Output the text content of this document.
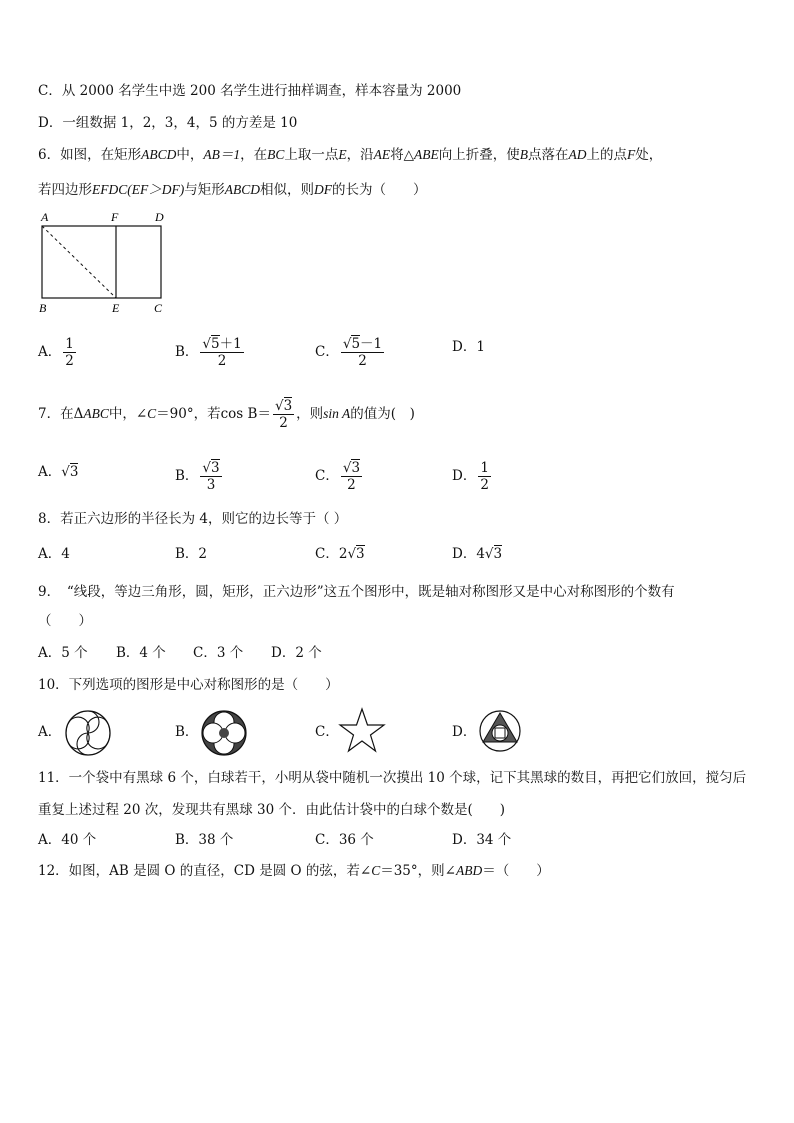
C．从 2000 名学生中选 200 名学生进行抽样调查，样本容量为 2000
D．一组数据 1，2，3，4，5 的方差是 10
6．如图，在矩形ABCD中，AB＝1，在BC上取一点E，沿AE将△ABE向上折叠，使B点落在AD上的点F处，
若四边形EFDC(EF＞DF)与矩形ABCD相似，则DF的长为（　　）
A	F	D
B	E	C
A． $\frac{1}{2}$	B． $\frac{√5+1}{2}$	C． $\frac{√5-1}{2}$	D．1
7．在ΔABC中，∠C＝90°，若$\cos B= \frac{√3}{2}$ ，则sin A的值为(　)
A．√3	B． $\frac{√3}{3}$	C． $\frac{√3}{2}$	D． $\frac{1}{2}$
8．若正六边形的半径长为 4，则它的边长等于（ ）
A．4	B．2	C．2√3	D．4√3
9．　“线段，等边三角形，圆，矩形，正六边形”这五个图形中，既是轴对称图形又是中心对称图形的个数有
（　　）
A．5 个 B．4 个 C．3 个 D．2 个
10．下列选项的图形是中心对称图形的是（　　）
A．	B．	C．	D．
11．一个袋中有黑球 6 个，白球若干，小明从袋中随机一次摸出 10 个球，记下其黑球的数目，再把它们放回，搅匀后
重复上述过程 20 次，发现共有黑球 30 个．由此估计袋中的白球个数是(　　)
A．40 个	B．38 个	C．36 个	D．34 个
12．如图，AB 是圆 O 的直径，CD 是圆 O 的弦，若∠C＝35°，则∠ABD＝（　　）
